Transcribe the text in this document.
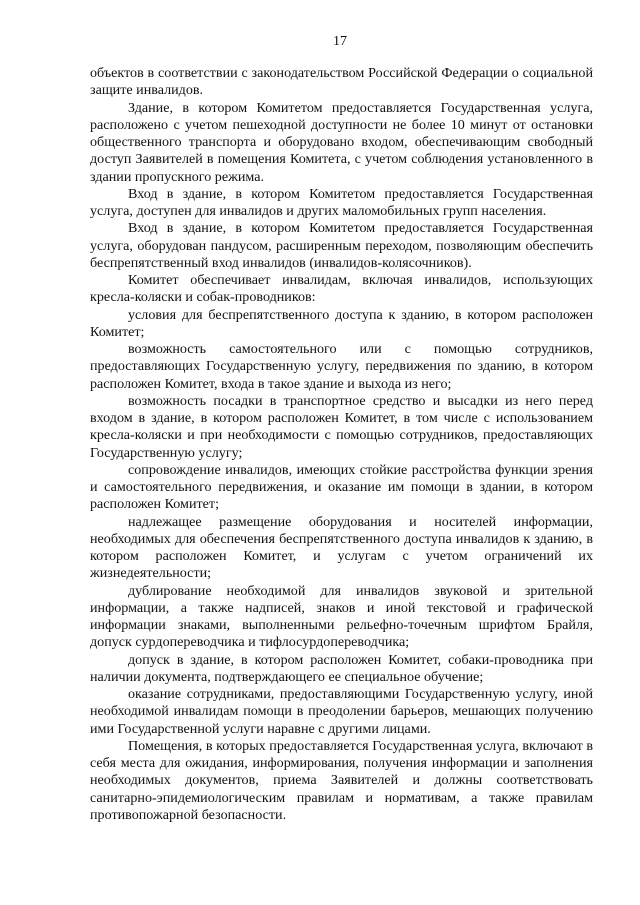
17

объектов в соответствии с законодательством Российской Федерации о социальной защите инвалидов.

Здание, в котором Комитетом предоставляется Государственная услуга, расположено с учетом пешеходной доступности не более 10 минут от остановки общественного транспорта и оборудовано входом, обеспечивающим свободный доступ Заявителей в помещения Комитета, с учетом соблюдения установленного в здании пропускного режима.

Вход в здание, в котором Комитетом предоставляется Государственная услуга, доступен для инвалидов и других маломобильных групп населения.

Вход в здание, в котором Комитетом предоставляется Государственная услуга, оборудован пандусом, расширенным переходом, позволяющим обеспечить беспрепятственный вход инвалидов (инвалидов-колясочников).

Комитет обеспечивает инвалидам, включая инвалидов, использующих кресла-коляски и собак-проводников:

условия для беспрепятственного доступа к зданию, в котором расположен Комитет;

возможность самостоятельного или с помощью сотрудников, предоставляющих Государственную услугу, передвижения по зданию, в котором расположен Комитет, входа в такое здание и выхода из него;

возможность посадки в транспортное средство и высадки из него перед входом в здание, в котором расположен Комитет, в том числе с использованием кресла-коляски и при необходимости с помощью сотрудников, предоставляющих Государственную услугу;

сопровождение инвалидов, имеющих стойкие расстройства функции зрения и самостоятельного передвижения, и оказание им помощи в здании, в котором расположен Комитет;

надлежащее размещение оборудования и носителей информации, необходимых для обеспечения беспрепятственного доступа инвалидов к зданию, в котором расположен Комитет, и услугам с учетом ограничений их жизнедеятельности;

дублирование необходимой для инвалидов звуковой и зрительной информации, а также надписей, знаков и иной текстовой и графической информации знаками, выполненными рельефно-точечным шрифтом Брайля, допуск сурдопереводчика и тифлосурдопереводчика;

допуск в здание, в котором расположен Комитет, собаки-проводника при наличии документа, подтверждающего ее специальное обучение;

оказание сотрудниками, предоставляющими Государственную услугу, иной необходимой инвалидам помощи в преодолении барьеров, мешающих получению ими Государственной услуги наравне с другими лицами.

Помещения, в которых предоставляется Государственная услуга, включают в себя места для ожидания, информирования, получения информации и заполнения необходимых документов, приема Заявителей и должны соответствовать санитарно-эпидемиологическим правилам и нормативам, а также правилам противопожарной безопасности.
